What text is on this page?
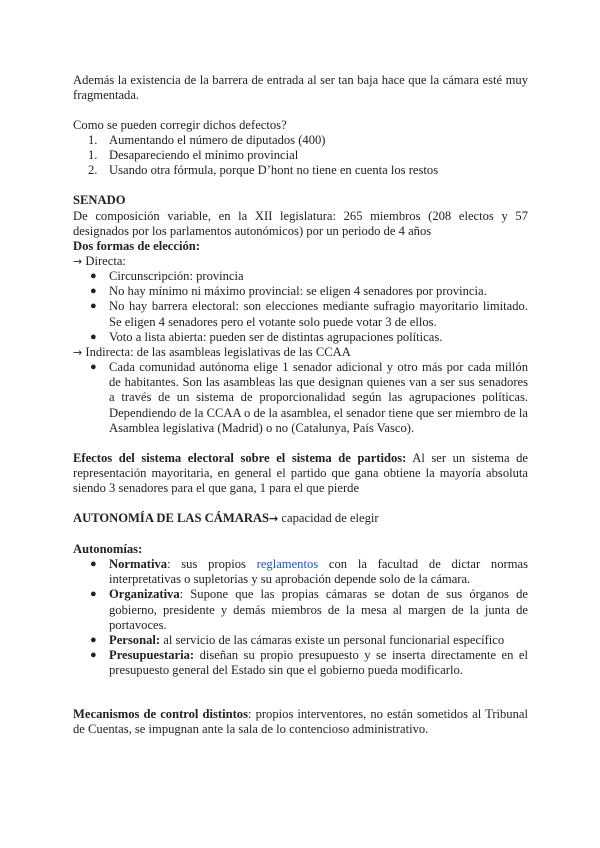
Además la existencia de la barrera de entrada al ser tan baja hace que la cámara esté muy fragmentada.

Como se pueden corregir dichos defectos?

1. Aumentando el número de diputados (400)
1. Desapareciendo el mínimo provincial
2. Usando otra fórmula, porque D’hont no tiene en cuenta los restos
SENADO

De composición variable, en la XII legislatura: 265 miembros (208 electos y 57 designados por los parlamentos autonómicos) por un periodo de 4 años

Dos formas de elección:
→ Directa:
● Circunscripción: provincia
● No hay mínimo ni máximo provincial: se eligen 4 senadores por provincia.
● No hay barrera electoral: son elecciones mediante sufragio mayoritario limitado. Se eligen 4 senadores pero el votante solo puede votar 3 de ellos.
● Voto a lista abierta: pueden ser de distintas agrupaciones políticas.
→ Indirecta: de las asambleas legislativas de las CCAA
● Cada comunidad autónoma elige 1 senador adicional y otro más por cada millón de habitantes. Son las asambleas las que designan quienes van a ser sus senadores a través de un sistema de proporcionalidad según las agrupaciones políticas. Dependiendo de la CCAA o de la asamblea, el senador tiene que ser miembro de la Asamblea legislativa (Madrid) o no (Catalunya, País Vasco).

Efectos del sistema electoral sobre el sistema de partidos: Al ser un sistema de representación mayoritaria, en general el partido que gana obtiene la mayoría absoluta siendo 3 senadores para el que gana, 1 para el que pierde

AUTONOMÍA DE LAS CÁMARAS→ capacidad de elegir
Autonomías:
● Normativa: sus propios reglamentos con la facultad de dictar normas interpretativas o supletorias y su aprobación depende solo de la cámara.
● Organizativa: Supone que las propias cámaras se dotan de sus órganos de gobierno, presidente y demás miembros de la mesa al margen de la junta de portavoces.
● Personal: al servicio de las cámaras existe un personal funcionarial específico
● Presupuestaria: diseñan su propio presupuesto y se inserta directamente en el presupuesto general del Estado sin que el gobierno pueda modificarlo.

Mecanismos de control distintos: propios interventores, no están sometidos al Tribunal de Cuentas, se impugnan ante la sala de lo contencioso administrativo.
